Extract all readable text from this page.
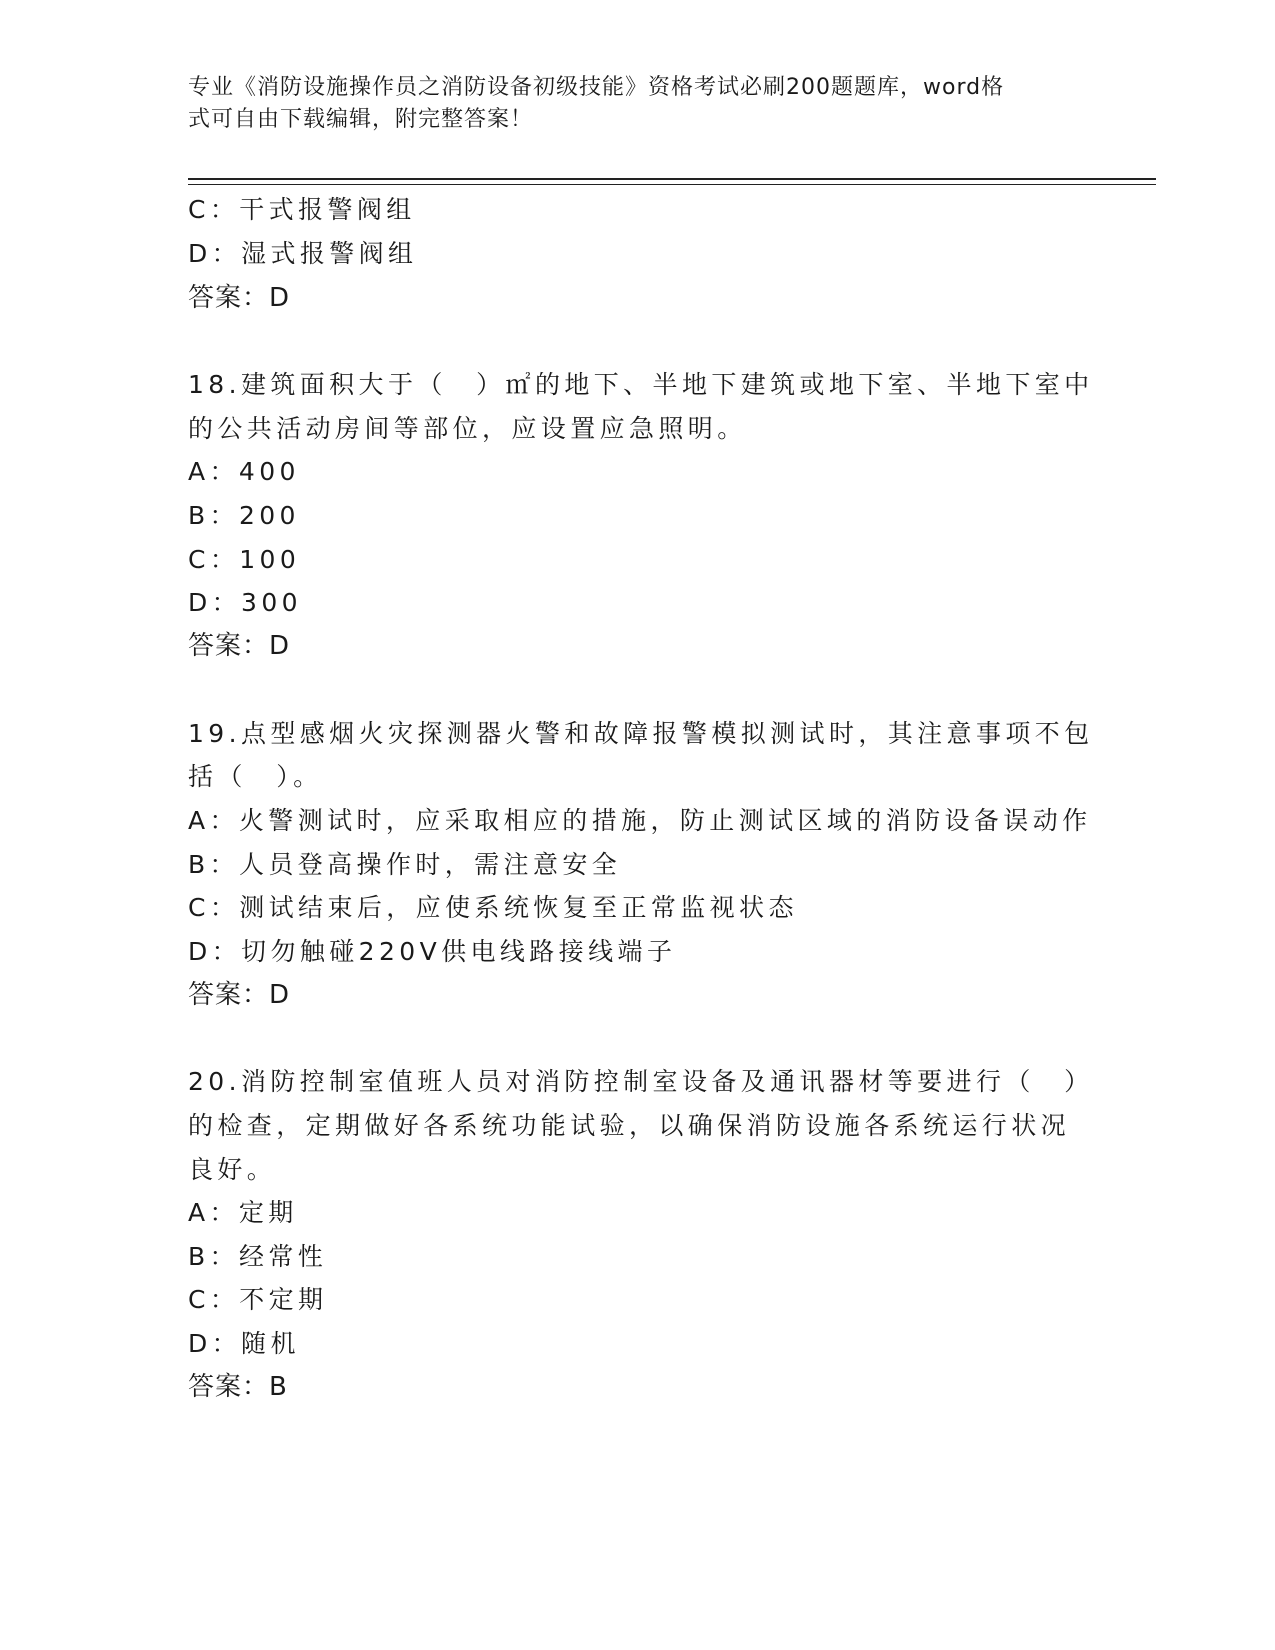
专业《消防设施操作员之消防设备初级技能》资格考试必刷200题题库，word格
式可自由下载编辑，附完整答案！
C：干式报警阀组
D：湿式报警阀组
答案：D
18.建筑面积大于（　）㎡的地下、半地下建筑或地下室、半地下室中
的公共活动房间等部位，应设置应急照明。
A：400
B：200
C：100
D：300
答案：D
19.点型感烟火灾探测器火警和故障报警模拟测试时，其注意事项不包
括（　）。
A：火警测试时，应采取相应的措施，防止测试区域的消防设备误动作
B：人员登高操作时，需注意安全
C：测试结束后，应使系统恢复至正常监视状态
D：切勿触碰220V供电线路接线端子
答案：D
20.消防控制室值班人员对消防控制室设备及通讯器材等要进行（　）
的检查，定期做好各系统功能试验，以确保消防设施各系统运行状况
良好。
A：定期
B：经常性
C：不定期
D：随机
答案：B
